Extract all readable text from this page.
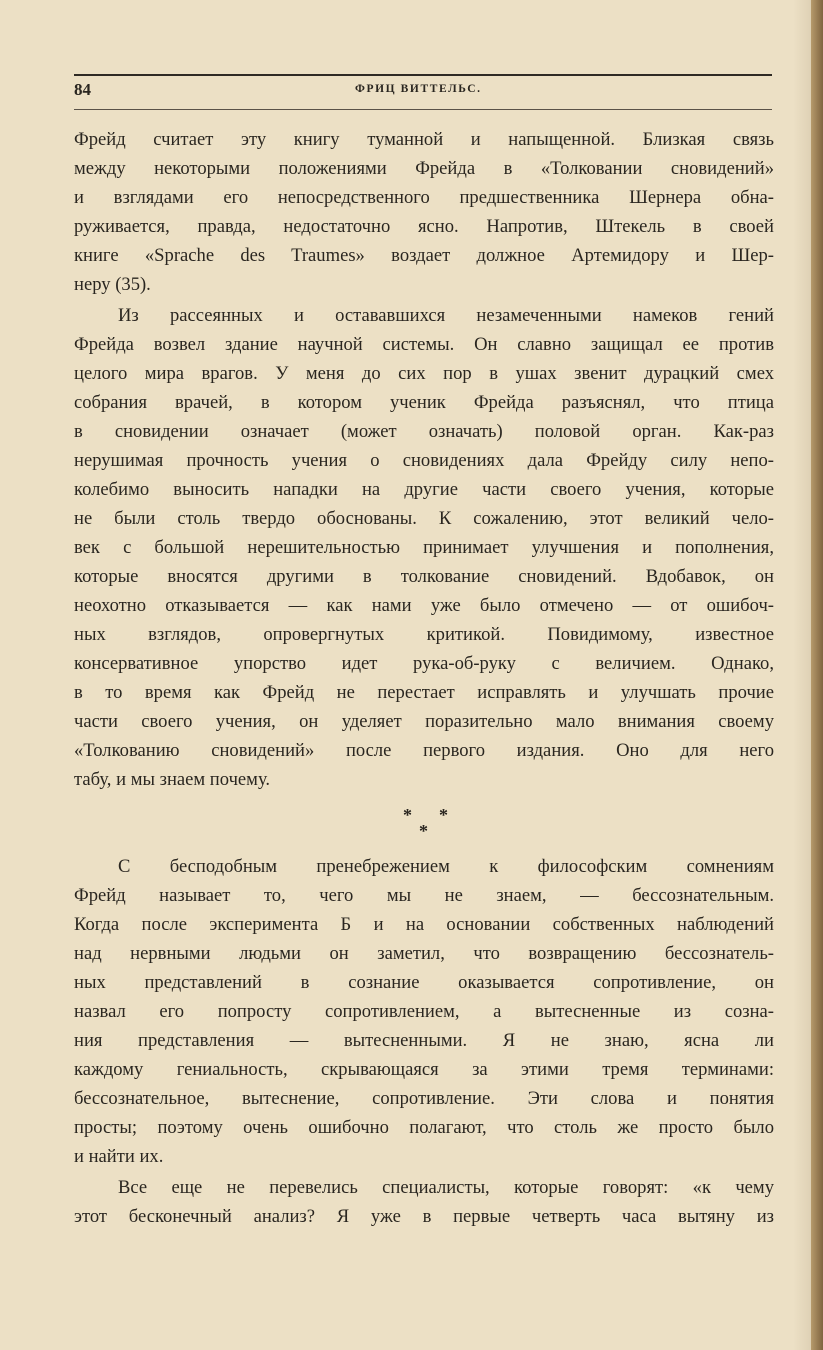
84	ФРИЦ ВИТТЕЛЬС.
Фрейд считает эту книгу туманной и напыщенной. Близкая связь
между некоторыми положениями Фрейда в «Толковании сновидений»
и взглядами его непосредственного предшественника Шернера обна-
руживается, правда, недостаточно ясно. Напротив, Штекель в своей
книге «Sprache des Traumes» воздает должное Артемидору и Шер-
неру (35).
Из рассеянных и остававшихся незамеченными намеков гений
Фрейда возвел здание научной системы. Он славно защищал ее против
целого мира врагов. У меня до сих пор в ушах звенит дурацкий смех
собрания врачей, в котором ученик Фрейда разъяснял, что птица
в сновидении означает (может означать) половой орган. Как-раз
нерушимая прочность учения о сновидениях дала Фрейду силу непо-
колебимо выносить нападки на другие части своего учения, которые
не были столь твердо обоснованы. К сожалению, этот великий чело-
век с большой нерешительностью принимает улучшения и пополнения,
которые вносятся другими в толкование сновидений. Вдобавок, он
неохотно отказывается — как нами уже было отмечено — от ошибоч-
ных взглядов, опровергнутых критикой. Повидимому, известное
консервативное упорство идет рука-об-руку с величием. Однако,
в то время как Фрейд не перестает исправлять и улучшать прочие
части своего учения, он уделяет поразительно мало внимания своему
«Толкованию сновидений» после первого издания. Оно для него
табу, и мы знаем почему.
* *
*
С бесподобным пренебрежением к философским сомнениям
Фрейд называет то, чего мы не знаем, — бессознательным.
Когда после эксперимента Б и на основании собственных наблюдений
над нервными людьми он заметил, что возвращению бессознатель-
ных представлений в сознание оказывается сопротивление, он
назвал его попросту сопротивлением, а вытесненные из созна-
ния представления — вытесненными. Я не знаю, ясна ли
каждому гениальность, скрывающаяся за этими тремя терминами:
бессознательное, вытеснение, сопротивление. Эти слова и понятия
просты; поэтому очень ошибочно полагают, что столь же просто было
и найти их.
Все еще не перевелись специалисты, которые говорят: «к чему
этот бесконечный анализ? Я уже в первые четверть часа вытяну из
